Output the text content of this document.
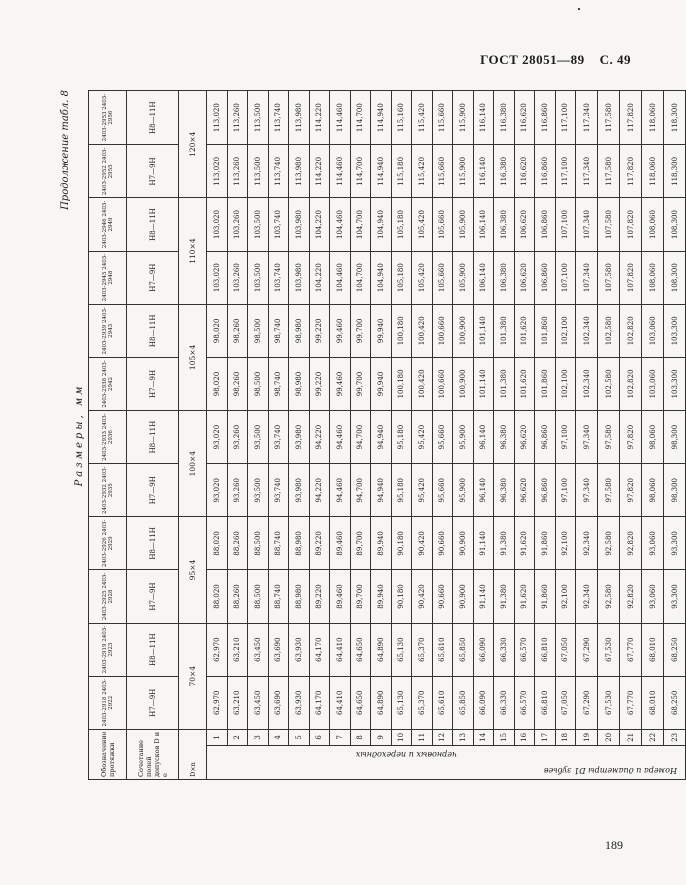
ГОСТ 28051—89 С. 49
Продолжение табл. 8
Размеры, мм
Обозначение протяжки		2403-2918 2403-2922	2403-2919 2403-2923	2403-2925 2403-2928	2403-2926 2403-2929	2403-2932 2403-2935	2403-2933 2403-2936	2403-2938 2403-2942	2403-2939 2403-2943	2403-2945 2403-2948	2403-2946 2403-2949	2403-2952 2403-2955	2403-2953 2403-2956
Сочетание полей допусков D и e		H7—9H	H8—11H	H7—9H	H8—11H	H7—9H	H8—11H	H7—9H	H8—11H	H7—9H	H8—11H	H7—9H	H8—11H
D×n		70×4		95×4		100×4		105×4		110×4		120×4	

Номера и диаметры D1 зубьев
черновых и переходных	1	62,970	62,970	88,020	88,020	93,020	93,020	98,020	98,020	103,020	103,020	113,020	113,020
	2	63,210	63,210	88,260	88,260	93,260	93,260	98,260	98,260	103,260	103,260	113,260	113,260
	3	63,450	63,450	88,500	88,500	93,500	93,500	98,500	98,500	103,500	103,500	113,500	113,500
	4	63,690	63,690	88,740	88,740	93,740	93,740	98,740	98,740	103,740	103,740	113,740	113,740
	5	63,930	63,930	88,980	88,980	93,980	93,980	98,980	98,980	103,980	103,980	113,980	113,980
	6	64,170	64,170	89,220	89,220	94,220	94,220	99,220	99,220	104,220	104,220	114,220	114,220
	7	64,410	64,410	89,460	89,460	94,460	94,460	99,460	99,460	104,460	104,460	114,460	114,460
	8	64,650	64,650	89,700	89,700	94,700	94,700	99,700	99,700	104,700	104,700	114,700	114,700
	9	64,890	64,890	89,940	89,940	94,940	94,940	99,940	99,940	104,940	104,940	114,940	114,940
	10	65,130	65,130	90,180	90,180	95,180	95,180	100,180	100,180	105,180	105,180	115,180	115,160
	11	65,370	65,370	90,420	90,420	95,420	95,420	100,420	100,420	105,420	105,420	115,420	115,420
	12	65,610	65,610	90,660	90,660	95,660	95,660	100,660	100,660	105,660	105,660	115,660	115,660
	13	65,850	65,850	90,900	90,900	95,900	95,900	100,900	100,900	105,900	105,900	115,900	115,900
	14	66,090	66,090	91,140	91,140	96,140	96,140	101,140	101,140	106,140	106,140	116,140	116,140
	15	66,330	66,330	91,380	91,380	96,380	96,380	101,380	101,380	106,380	106,380	116,380	116,380
	16	66,570	66,570	91,620	91,620	96,620	96,620	101,620	101,620	106,620	106,620	116,620	116,620
	17	66,810	66,810	91,860	91,860	96,860	96,860	101,860	101,860	106,860	106,860	116,860	116,860
	18	67,050	67,050	92,100	92,100	97,100	97,100	102,100	102,100	107,100	107,100	117,100	117,100
	19	67,290	67,290	92,340	92,340	97,340	97,340	102,340	102,340	107,340	107,340	117,340	117,340
	20	67,530	67,530	92,580	92,580	97,580	97,580	102,580	102,580	107,580	107,580	117,580	117,580
	21	67,770	67,770	92,820	92,820	97,820	97,820	102,820	102,820	107,820	107,820	117,820	117,820
	22	68,010	68,010	93,060	93,060	98,060	98,060	103,060	103,060	108,060	108,060	118,060	118,060
	23	68,250	68,250	93,300	93,300	98,300	98,300	103,300	103,300	108,300	108,300	118,300	118,300
189
